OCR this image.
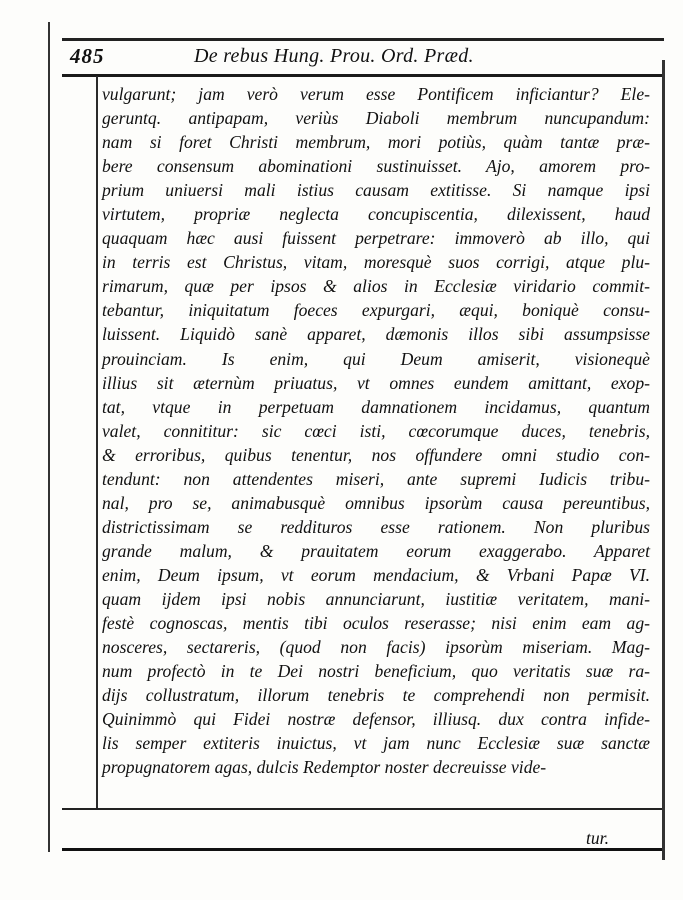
485	De rebus Hung. Prou. Ord. Præd.
vulgarunt; jam verò verum esse Pontificem inficiantur? Ele-
geruntq. antipapam, veriùs Diaboli membrum nuncupandum:
nam si foret Christi membrum, mori potiùs, quàm tantæ præ-
bere consensum abominationi sustinuisset. Ajo, amorem pro-
prium uniuersi mali istius causam extitisse. Si namque ipsi
virtutem, propriæ neglecta concupiscentia, dilexissent, haud
quaquam hæc ausi fuissent perpetrare: immoverò ab illo, qui
in terris est Christus, vitam, moresquè suos corrigi, atque plu-
rimarum, quæ per ipsos & alios in Ecclesiæ viridario commit-
tebantur, iniquitatum foeces expurgari, æqui, boniquè consu-
luissent. Liquidò sanè apparet, dæmonis illos sibi assumpsisse
prouinciam. Is enim, qui Deum amiserit, visionequè
illius sit æternùm priuatus, vt omnes eundem amittant, exop-
tat, vtque in perpetuam damnationem incidamus, quantum
valet, connititur: sic cœci isti, cœcorumque duces, tenebris,
& erroribus, quibus tenentur, nos offundere omni studio con-
tendunt: non attendentes miseri, ante supremi Iudicis tribu-
nal, pro se, animabusquè omnibus ipsorùm causa pereuntibus,
districtissimam se reddituros esse rationem. Non pluribus
grande malum, & prauitatem eorum exaggerabo. Apparet
enim, Deum ipsum, vt eorum mendacium, & Vrbani Papæ VI.
quam ijdem ipsi nobis annunciarunt, iustitiæ veritatem, mani-
festè cognoscas, mentis tibi oculos reserasse; nisi enim eam ag-
nosceres, sectareris, (quod non facis) ipsorùm miseriam. Mag-
num profectò in te Dei nostri beneficium, quo veritatis suæ ra-
dijs collustratum, illorum tenebris te comprehendi non permisit.
Quinimmò qui Fidei nostræ defensor, illiusq. dux contra infide-
lis semper extiteris inuictus, vt jam nunc Ecclesiæ suæ sanctæ
propugnatorem agas, dulcis Redemptor noster decreuisse vide-
tur.
